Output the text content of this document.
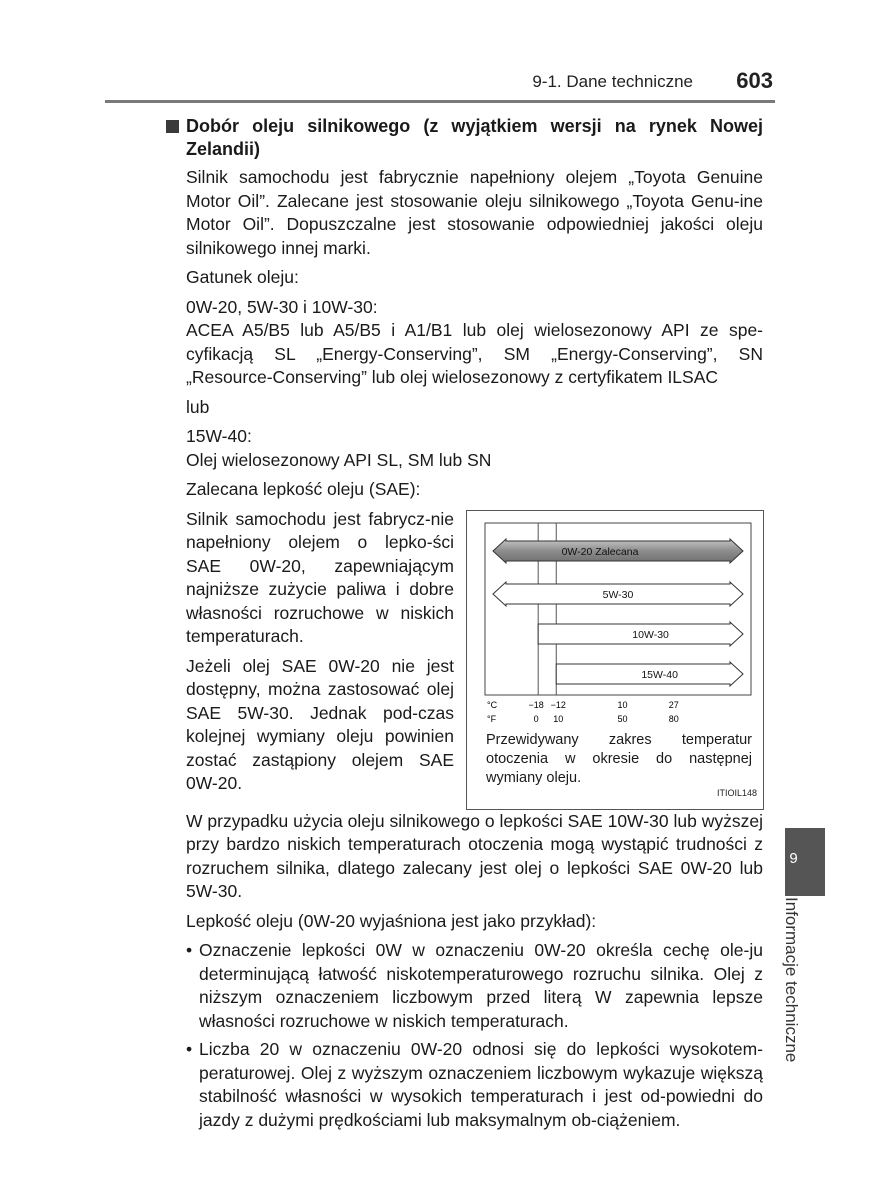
9-1. Dane techniczne 603
Dobór oleju silnikowego (z wyjątkiem wersji na rynek Nowej Zelandii)

Silnik samochodu jest fabrycznie napełniony olejem „Toyota Genuine Motor Oil”. Zalecane jest stosowanie oleju silnikowego „Toyota Genu-ine Motor Oil”. Dopuszczalne jest stosowanie odpowiedniej jakości oleju silnikowego innej marki.

Gatunek oleju:

0W-20, 5W-30 i 10W-30:

ACEA A5/B5 lub A5/B5 i A1/B1 lub olej wielosezonowy API ze spe-cyfikacją SL „Energy-Conserving”, SM „Energy-Conserving”, SN „Resource-Conserving” lub olej wielosezonowy z certyfikatem ILSAC

lub

15W-40:

Olej wielosezonowy API SL, SM lub SN

Zalecana lepkość oleju (SAE):

Silnik samochodu jest fabrycz-nie napełniony olejem o lepko-ści SAE 0W-20, zapewniającym najniższe zużycie paliwa i dobre własności rozruchowe w niskich temperaturach.

Jeżeli olej SAE 0W-20 nie jest dostępny, można zastosować olej SAE 5W-30. Jednak pod-czas kolejnej wymiany oleju powinien zostać zastąpiony olejem SAE 0W-20.

0W-20 Zalecana
5W-30
10W-30
15W-40
−18
0
−12
10
10
50
27
80
°C
°F
Przewidywany zakres temperatur otoczenia w okresie do następnej wymiany oleju.
ITIOIL148

W przypadku użycia oleju silnikowego o lepkości SAE 10W-30 lub wyższej przy bardzo niskich temperaturach otoczenia mogą wystąpić trudności z rozruchem silnika, dlatego zalecany jest olej o lepkości SAE 0W-20 lub 5W-30.

Lepkość oleju (0W-20 wyjaśniona jest jako przykład):

• Oznaczenie lepkości 0W w oznaczeniu 0W-20 określa cechę ole-ju determinującą łatwość niskotemperaturowego rozruchu silnika. Olej z niższym oznaczeniem liczbowym przed literą W zapewnia lepsze własności rozruchowe w niskich temperaturach.
• Liczba 20 w oznaczeniu 0W-20 odnosi się do lepkości wysokotem-peraturowej. Olej z wyższym oznaczeniem liczbowym wykazuje większą stabilność własności w wysokich temperaturach i jest od-powiedni do jazdy z dużymi prędkościami lub maksymalnym ob-ciążeniem.
9
Informacje techniczne
